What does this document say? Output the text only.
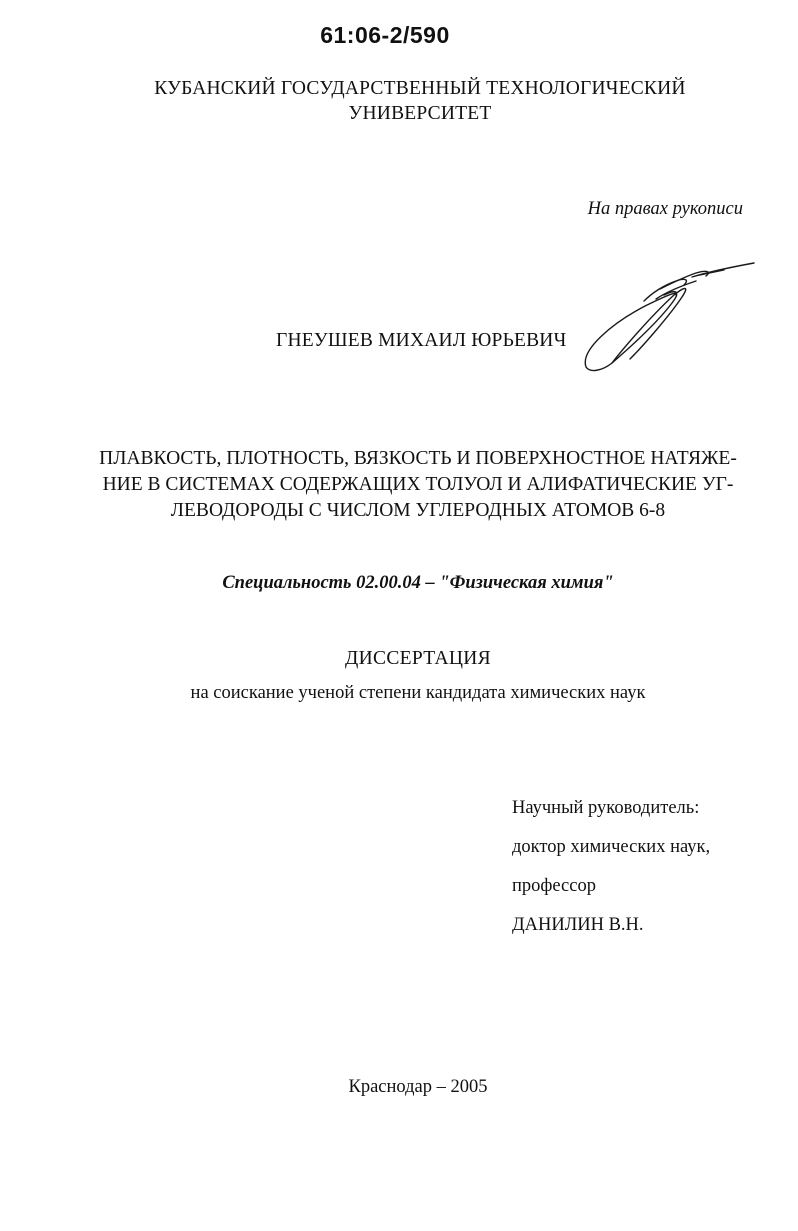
61:06-2/590
КУБАНСКИЙ ГОСУДАРСТВЕННЫЙ ТЕХНОЛОГИЧЕСКИЙ
УНИВЕРСИТЕТ
На правах рукописи
ГНЕУШЕВ МИХАИЛ ЮРЬЕВИЧ
ПЛАВКОСТЬ, ПЛОТНОСТЬ, ВЯЗКОСТЬ И ПОВЕРХНОСТНОЕ НАТЯЖЕ-
НИЕ В СИСТЕМАХ СОДЕРЖАЩИХ ТОЛУОЛ И АЛИФАТИЧЕСКИЕ УГ-
ЛЕВОДОРОДЫ С ЧИСЛОМ УГЛЕРОДНЫХ АТОМОВ 6-8
Специальность 02.00.04 – "Физическая химия"
ДИССЕРТАЦИЯ
на соискание ученой степени кандидата химических наук
Научный руководитель:
доктор химических наук,
профессор
ДАНИЛИН В.Н.
Краснодар – 2005
